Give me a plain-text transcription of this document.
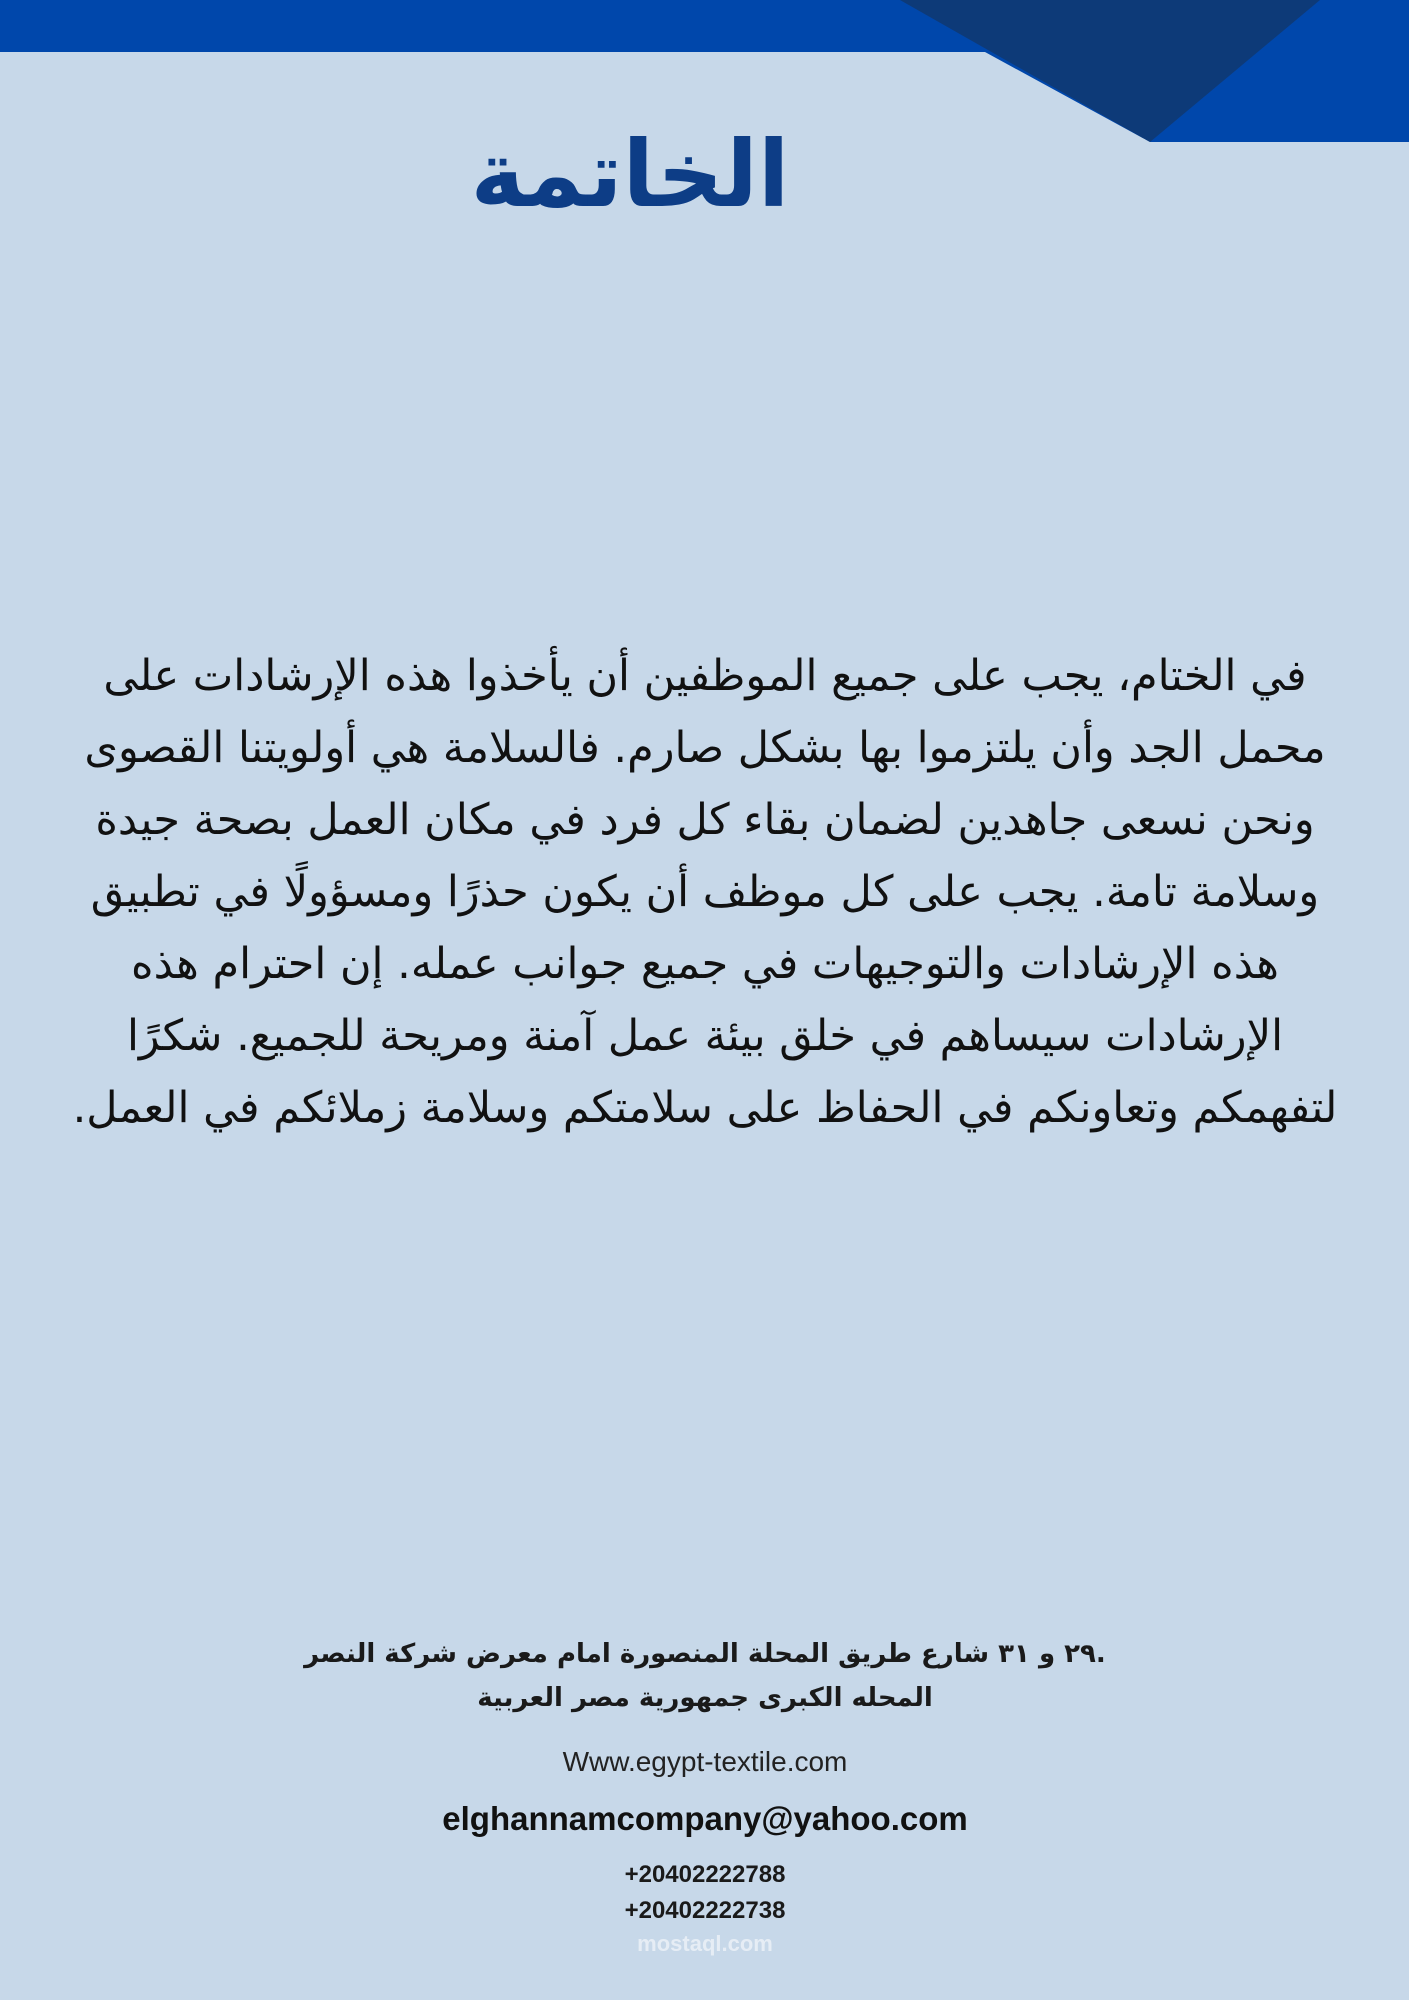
الخاتمة
في الختام، يجب على جميع الموظفين أن يأخذوا هذه الإرشادات على محمل الجد وأن يلتزموا بها بشكل صارم. فالسلامة هي أولويتنا القصوى ونحن نسعى جاهدين لضمان بقاء كل فرد في مكان العمل بصحة جيدة وسلامة تامة. يجب على كل موظف أن يكون حذرًا ومسؤولًا في تطبيق هذه الإرشادات والتوجيهات في جميع جوانب عمله. إن احترام هذه الإرشادات سيساهم في خلق بيئة عمل آمنة ومريحة للجميع. شكرًا لتفهمكم وتعاونكم في الحفاظ على سلامتكم وسلامة زملائكم في العمل.
.٢٩ و ٣١ شارع طريق المحلة المنصورة امام معرض شركة النصر
المحله الكبرى جمهورية مصر العربية
Www.egypt-textile.com
elghannamcompany@yahoo.com
+20402222788
+20402222738
mostaql.com
